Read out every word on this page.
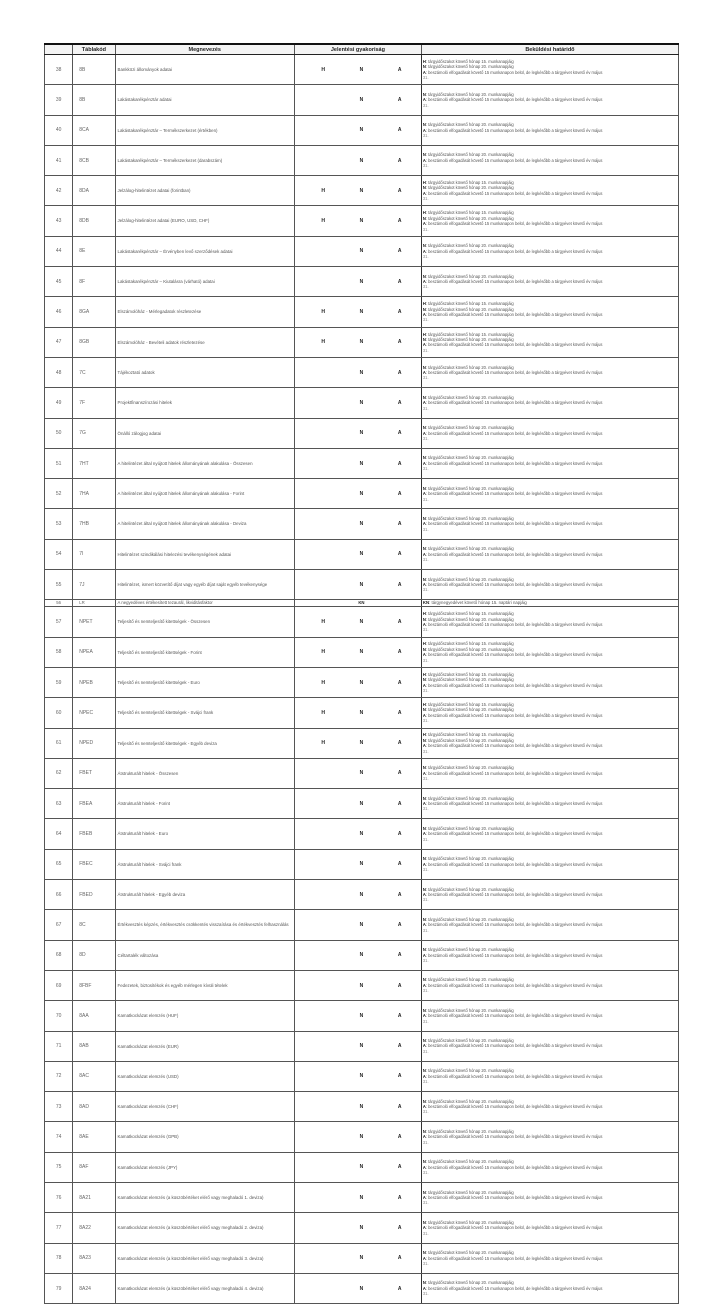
	Táblakód	Megnevezés	Jelentési gyakoriság							Beküldési határidő
38	8B	Bankközi állományok adatai		H		N		A		H: tárgyidőszakot követő hónap 15. munkanapjáig
N: tárgyidőszakot követő hónap 20. munkanapjáig
A: beszámoló elfogadását követő 15 munkanapon belül, de legkésőbb a tárgyévet követő év május
31.

39	8B	Lakástakarékpénztár adatai				N		A		N: tárgyidőszakot követő hónap 20. munkanapjáig
A: beszámoló elfogadását követő 15 munkanapon belül, de legkésőbb a tárgyévet követő év május
31.

40	8CA	Lakástakarékpénztár – Termékszerkezet (értékben)				N		A		N: tárgyidőszakot követő hónap 20. munkanapjáig
A: beszámoló elfogadását követő 15 munkanapon belül, de legkésőbb a tárgyévet követő év május
31.

41	8CB	Lakástakarékpénztár – Termékszerkezet (darabszám)				N		A		N: tárgyidőszakot követő hónap 20. munkanapjáig
A: beszámoló elfogadását követő 15 munkanapon belül, de legkésőbb a tárgyévet követő év május
31.

42	8DA	Jelzálog-hitelintézet adatai (forintban)		H		N		A		H: tárgyidőszakot követő hónap 15. munkanapjáig
N: tárgyidőszakot követő hónap 20. munkanapjáig
A: beszámoló elfogadását követő 15 munkanapon belül, de legkésőbb a tárgyévet követő év május
31.

43	8DB	Jelzálog-hitelintézet adatai (EURO, USD, CHF)		H		N		A		H: tárgyidőszakot követő hónap 15. munkanapjáig
N: tárgyidőszakot követő hónap 20. munkanapjáig
A: beszámoló elfogadását követő 15 munkanapon belül, de legkésőbb a tárgyévet követő év május
31.

44	8E	Lakástakarékpénztár – Érvényben levő szerződések adatai				N		A		N: tárgyidőszakot követő hónap 20. munkanapjáig
A: beszámoló elfogadását követő 15 munkanapon belül, de legkésőbb a tárgyévet követő év május
31.

45	8F	Lakástakarékpénztár – Kiutalásra (várható) adatai				N		A		N: tárgyidőszakot követő hónap 20. munkanapjáig
A: beszámoló elfogadását követő 15 munkanapon belül, de legkésőbb a tárgyévet követő év május
31.

46	8GA	Elszámolóház - Mérlegadatok részletezése		H		N		A		H: tárgyidőszakot követő hónap 15. munkanapjáig
N: tárgyidőszakot követő hónap 20. munkanapjáig
A: beszámoló elfogadását követő 15 munkanapon belül, de legkésőbb a tárgyévet követő év május
31.

47	8GB	Elszámolóház - Bevételi adatok részletezése		H		N		A		H: tárgyidőszakot követő hónap 15. munkanapjáig
N: tárgyidőszakot követő hónap 20. munkanapjáig
A: beszámoló elfogadását követő 15 munkanapon belül, de legkésőbb a tárgyévet követő év május
31.

48	7C	Tájékoztató adatok				N		A		N: tárgyidőszakot követő hónap 20. munkanapjáig
A: beszámoló elfogadását követő 15 munkanapon belül, de legkésőbb a tárgyévet követő év május
31.

49	7F	Projektfinanszírozási hitelek				N		A		N: tárgyidőszakot követő hónap 20. munkanapjáig
A: beszámoló elfogadását követő 15 munkanapon belül, de legkésőbb a tárgyévet követő év május
31.

50	7G	Önálló zálogjog adatai				N		A		N: tárgyidőszakot követő hónap 20. munkanapjáig
A: beszámoló elfogadását követő 15 munkanapon belül, de legkésőbb a tárgyévet követő év május
31.

51	7HT	A hitelintézet által nyújtott hitelek állományának alakulása - Összesen				N		A		N: tárgyidőszakot követő hónap 20. munkanapjáig
A: beszámoló elfogadását követő 15 munkanapon belül, de legkésőbb a tárgyévet követő év május
31.

52	7HA	A hitelintézet által nyújtott hitelek állományának alakulása - Forint				N		A		N: tárgyidőszakot követő hónap 20. munkanapjáig
A: beszámoló elfogadását követő 15 munkanapon belül, de legkésőbb a tárgyévet követő év május
31.

53	7HB	A hitelintézet által nyújtott hitelek állományának alakulása - Deviza				N		A		N: tárgyidőszakot követő hónap 20. munkanapjáig
A: beszámoló elfogadását követő 15 munkanapon belül, de legkésőbb a tárgyévet követő év május
31.

54	7I	Hitelintézet szindikálási hitelezési tevékenységének adatai				N		A		N: tárgyidőszakot követő hónap 20. munkanapjáig
A: beszámoló elfogadását követő 15 munkanapon belül, de legkésőbb a tárgyévet követő év május
31.

55	7J	Hitelintézet, ismert közvetítő díjat vagy egyéb díjat saját egyéb tevékenysége				N		A		N: tárgyidőszakot követő hónap 20. munkanapjáig
A: beszámoló elfogadását követő 15 munkanapon belül, de legkésőbb a tárgyévet követő év május
31.

56	LR	A negyedéves értékesített tezaurál, likviditásfaktor		KN						KN: tárgynegyedévet követő hónap 15. naptári napjáig

57	NPET	Teljesítő és nemteljesítő kitettségek - Összesen		H		N		A		H: tárgyidőszakot követő hónap 15. munkanapjáig
N: tárgyidőszakot követő hónap 20. munkanapjáig
A: beszámoló elfogadását követő 15 munkanapon belül, de legkésőbb a tárgyévet követő év május
31.

58	NPEA	Teljesítő és nemteljesítő kitettségek - Forint		H		N		A		H: tárgyidőszakot követő hónap 15. munkanapjáig
N: tárgyidőszakot követő hónap 20. munkanapjáig
A: beszámoló elfogadását követő 15 munkanapon belül, de legkésőbb a tárgyévet követő év május
31.

59	NPEB	Teljesítő és nemteljesítő kitettségek - Euro		H		N		A		H: tárgyidőszakot követő hónap 15. munkanapjáig
N: tárgyidőszakot követő hónap 20. munkanapjáig
A: beszámoló elfogadását követő 15 munkanapon belül, de legkésőbb a tárgyévet követő év május
31.

60	NPEC	Teljesítő és nemteljesítő kitettségek - Svájci frank		H		N		A		H: tárgyidőszakot követő hónap 15. munkanapjáig
N: tárgyidőszakot követő hónap 20. munkanapjáig
A: beszámoló elfogadását követő 15 munkanapon belül, de legkésőbb a tárgyévet követő év május
31.

61	NPED	Teljesítő és nemteljesítő kitettségek - Egyéb deviza		H		N		A		H: tárgyidőszakot követő hónap 15. munkanapjáig
N: tárgyidőszakot követő hónap 20. munkanapjáig
A: beszámoló elfogadását követő 15 munkanapon belül, de legkésőbb a tárgyévet követő év május
31.

62	FBET	Átstrukturált hitelek - Összesen				N		A		N: tárgyidőszakot követő hónap 20. munkanapjáig
A: beszámoló elfogadását követő 15 munkanapon belül, de legkésőbb a tárgyévet követő év május
31.

63	FBEA	Átstrukturált hitelek - Forint				N		A		N: tárgyidőszakot követő hónap 20. munkanapjáig
A: beszámoló elfogadását követő 15 munkanapon belül, de legkésőbb a tárgyévet követő év május
31.

64	FBEB	Átstrukturált hitelek - Euro				N		A		N: tárgyidőszakot követő hónap 20. munkanapjáig
A: beszámoló elfogadását követő 15 munkanapon belül, de legkésőbb a tárgyévet követő év május
31.

65	FBEC	Átstrukturált hitelek - Svájci frank				N		A		N: tárgyidőszakot követő hónap 20. munkanapjáig
A: beszámoló elfogadását követő 15 munkanapon belül, de legkésőbb a tárgyévet követő év május
31.

66	FBED	Átstrukturált hitelek - Egyéb deviza				N		A		N: tárgyidőszakot követő hónap 20. munkanapjáig
A: beszámoló elfogadását követő 15 munkanapon belül, de legkésőbb a tárgyévet követő év május
31.

67	8C	Értékvesztés képzés, értékvesztés csökkentés visszaírása és értékvesztés felhasználás				N		A		N: tárgyidőszakot követő hónap 20. munkanapjáig
A: beszámoló elfogadását követő 15 munkanapon belül, de legkésőbb a tárgyévet követő év május
31.

68	8D	Céltartalék változása				N		A		N: tárgyidőszakot követő hónap 20. munkanapjáig
A: beszámoló elfogadását követő 15 munkanapon belül, de legkésőbb a tárgyévet követő év május
31.

69	8FBF	Fedezetek, biztosítékok és egyéb mérlegen kívüli tételek				N		A		N: tárgyidőszakot követő hónap 20. munkanapjáig
A: beszámoló elfogadását követő 15 munkanapon belül, de legkésőbb a tárgyévet követő év május
31.

70	8AA	Kamatkockázat elemzés (HUF)				N		A		N: tárgyidőszakot követő hónap 20. munkanapjáig
A: beszámoló elfogadását követő 15 munkanapon belül, de legkésőbb a tárgyévet követő év május
31.

71	8AB	Kamatkockázat elemzés (EUR)				N		A		N: tárgyidőszakot követő hónap 20. munkanapjáig
A: beszámoló elfogadását követő 15 munkanapon belül, de legkésőbb a tárgyévet követő év május
31.

72	8AC	Kamatkockázat elemzés (USD)				N		A		N: tárgyidőszakot követő hónap 20. munkanapjáig
A: beszámoló elfogadását követő 15 munkanapon belül, de legkésőbb a tárgyévet követő év május
31.

73	8AD	Kamatkockázat elemzés (CHF)				N		A		N: tárgyidőszakot követő hónap 20. munkanapjáig
A: beszámoló elfogadását követő 15 munkanapon belül, de legkésőbb a tárgyévet követő év május
31.

74	8AE	Kamatkockázat elemzés (GPB)				N		A		N: tárgyidőszakot követő hónap 20. munkanapjáig
A: beszámoló elfogadását követő 15 munkanapon belül, de legkésőbb a tárgyévet követő év május
31.

75	8AF	Kamatkockázat elemzés (JPY)				N		A		N: tárgyidőszakot követő hónap 20. munkanapjáig
A: beszámoló elfogadását követő 15 munkanapon belül, de legkésőbb a tárgyévet követő év május
31.

76	8A21	Kamatkockázat elemzés (a küszöbértéket elérő vagy meghaladó 1. deviza)				N		A		N: tárgyidőszakot követő hónap 20. munkanapjáig
A: beszámoló elfogadását követő 15 munkanapon belül, de legkésőbb a tárgyévet követő év május
31.

77	8A22	Kamatkockázat elemzés (a küszöbértéket elérő vagy meghaladó 2. deviza)				N		A		N: tárgyidőszakot követő hónap 20. munkanapjáig
A: beszámoló elfogadását követő 15 munkanapon belül, de legkésőbb a tárgyévet követő év május
31.

78	8A23	Kamatkockázat elemzés (a küszöbértéket elérő vagy meghaladó 3. deviza)				N		A		N: tárgyidőszakot követő hónap 20. munkanapjáig
A: beszámoló elfogadását követő 15 munkanapon belül, de legkésőbb a tárgyévet követő év május
31.

79	8A24	Kamatkockázat elemzés (a küszöbértéket elérő vagy meghaladó 4. deviza)				N		A		N: tárgyidőszakot követő hónap 20. munkanapjáig
A: beszámoló elfogadását követő 15 munkanapon belül, de legkésőbb a tárgyévet követő év május
31.
